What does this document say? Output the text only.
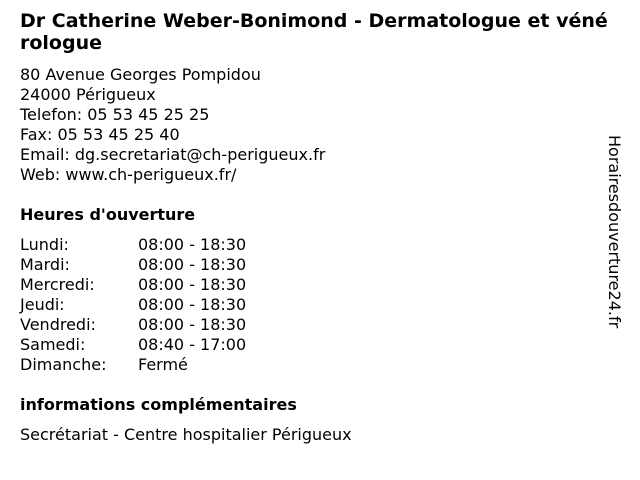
Dr Catherine Weber-Bonimond - Dermatologue et vénérologue
80 Avenue Georges Pompidou
24000 Périgueux
Telefon: 05 53 45 25 25
Fax: 05 53 45 25 40
Email: dg.secretariat@ch-perigueux.fr
Web: www.ch-perigueux.fr/
Heures d'ouverture
Lundi:	08:00 - 18:30
Mardi:	08:00 - 18:30
Mercredi:	08:00 - 18:30
Jeudi:	08:00 - 18:30
Vendredi:	08:00 - 18:30
Samedi:	08:40 - 17:00
Dimanche:	Fermé
informations complémentaires
Secrétariat - Centre hospitalier Périgueux
Horairesdouverture24.fr
